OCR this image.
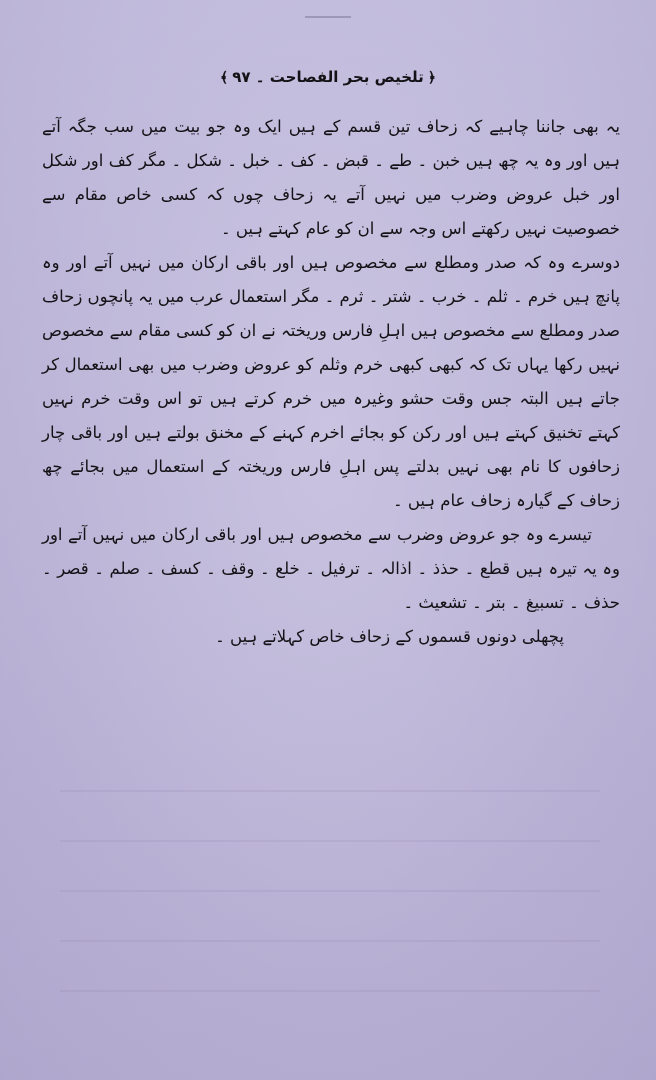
﴿تلخیص بحر الفصاحت ۔ ۹۷﴾

یہ بھی جاننا چاہیے کہ زحاف تین قسم کے ہیں ایک وہ جو بیت میں سب جگہ آتے ہیں اور وہ یہ چھ ہیں خبن ۔ طے ۔ قبض ۔ کف ۔ خبل ۔ شکل ۔ مگر کف اور شکل اور خبل عروض وضرب میں نہیں آتے یہ زحاف چوں کہ کسی خاص مقام سے خصوصیت نہیں رکھتے اس وجہ سے ان کو عام کہتے ہیں ۔

دوسرے وہ کہ صدر ومطلع سے مخصوص ہیں اور باقی ارکان میں نہیں آتے اور وہ پانچ ہیں خرم ۔ ثلم ۔ خرب ۔ شتر ۔ ثرم ۔ مگر استعمال عرب میں یہ پانچوں زحاف صدر ومطلع سے مخصوص ہیں اہلِ فارس وریختہ نے ان کو کسی مقام سے مخصوص نہیں رکھا یہاں تک کہ کبھی کبھی خرم وثلم کو عروض وضرب میں بھی استعمال کر جاتے ہیں البتہ جس وقت حشو وغیرہ میں خرم کرتے ہیں تو اس وقت خرم نہیں کہتے تخنیق کہتے ہیں اور رکن کو بجائے اخرم کہنے کے مخنق بولتے ہیں اور باقی چار زحافوں کا نام بھی نہیں بدلتے پس اہلِ فارس وریختہ کے استعمال میں بجائے چھ زحاف کے گیارہ زحاف عام ہیں ۔

تیسرے وہ جو عروض وضرب سے مخصوص ہیں اور باقی ارکان میں نہیں آتے اور وہ یہ تیرہ ہیں قطع ۔ حذذ ۔ اذالہ ۔ ترفیل ۔ خلع ۔ وقف ۔ کسف ۔ صلم ۔ قصر ۔ حذف ۔ تسبیغ ۔ بتر ۔ تشعیث ۔

پچھلی دونوں قسموں کے زحاف خاص کہلاتے ہیں ۔
